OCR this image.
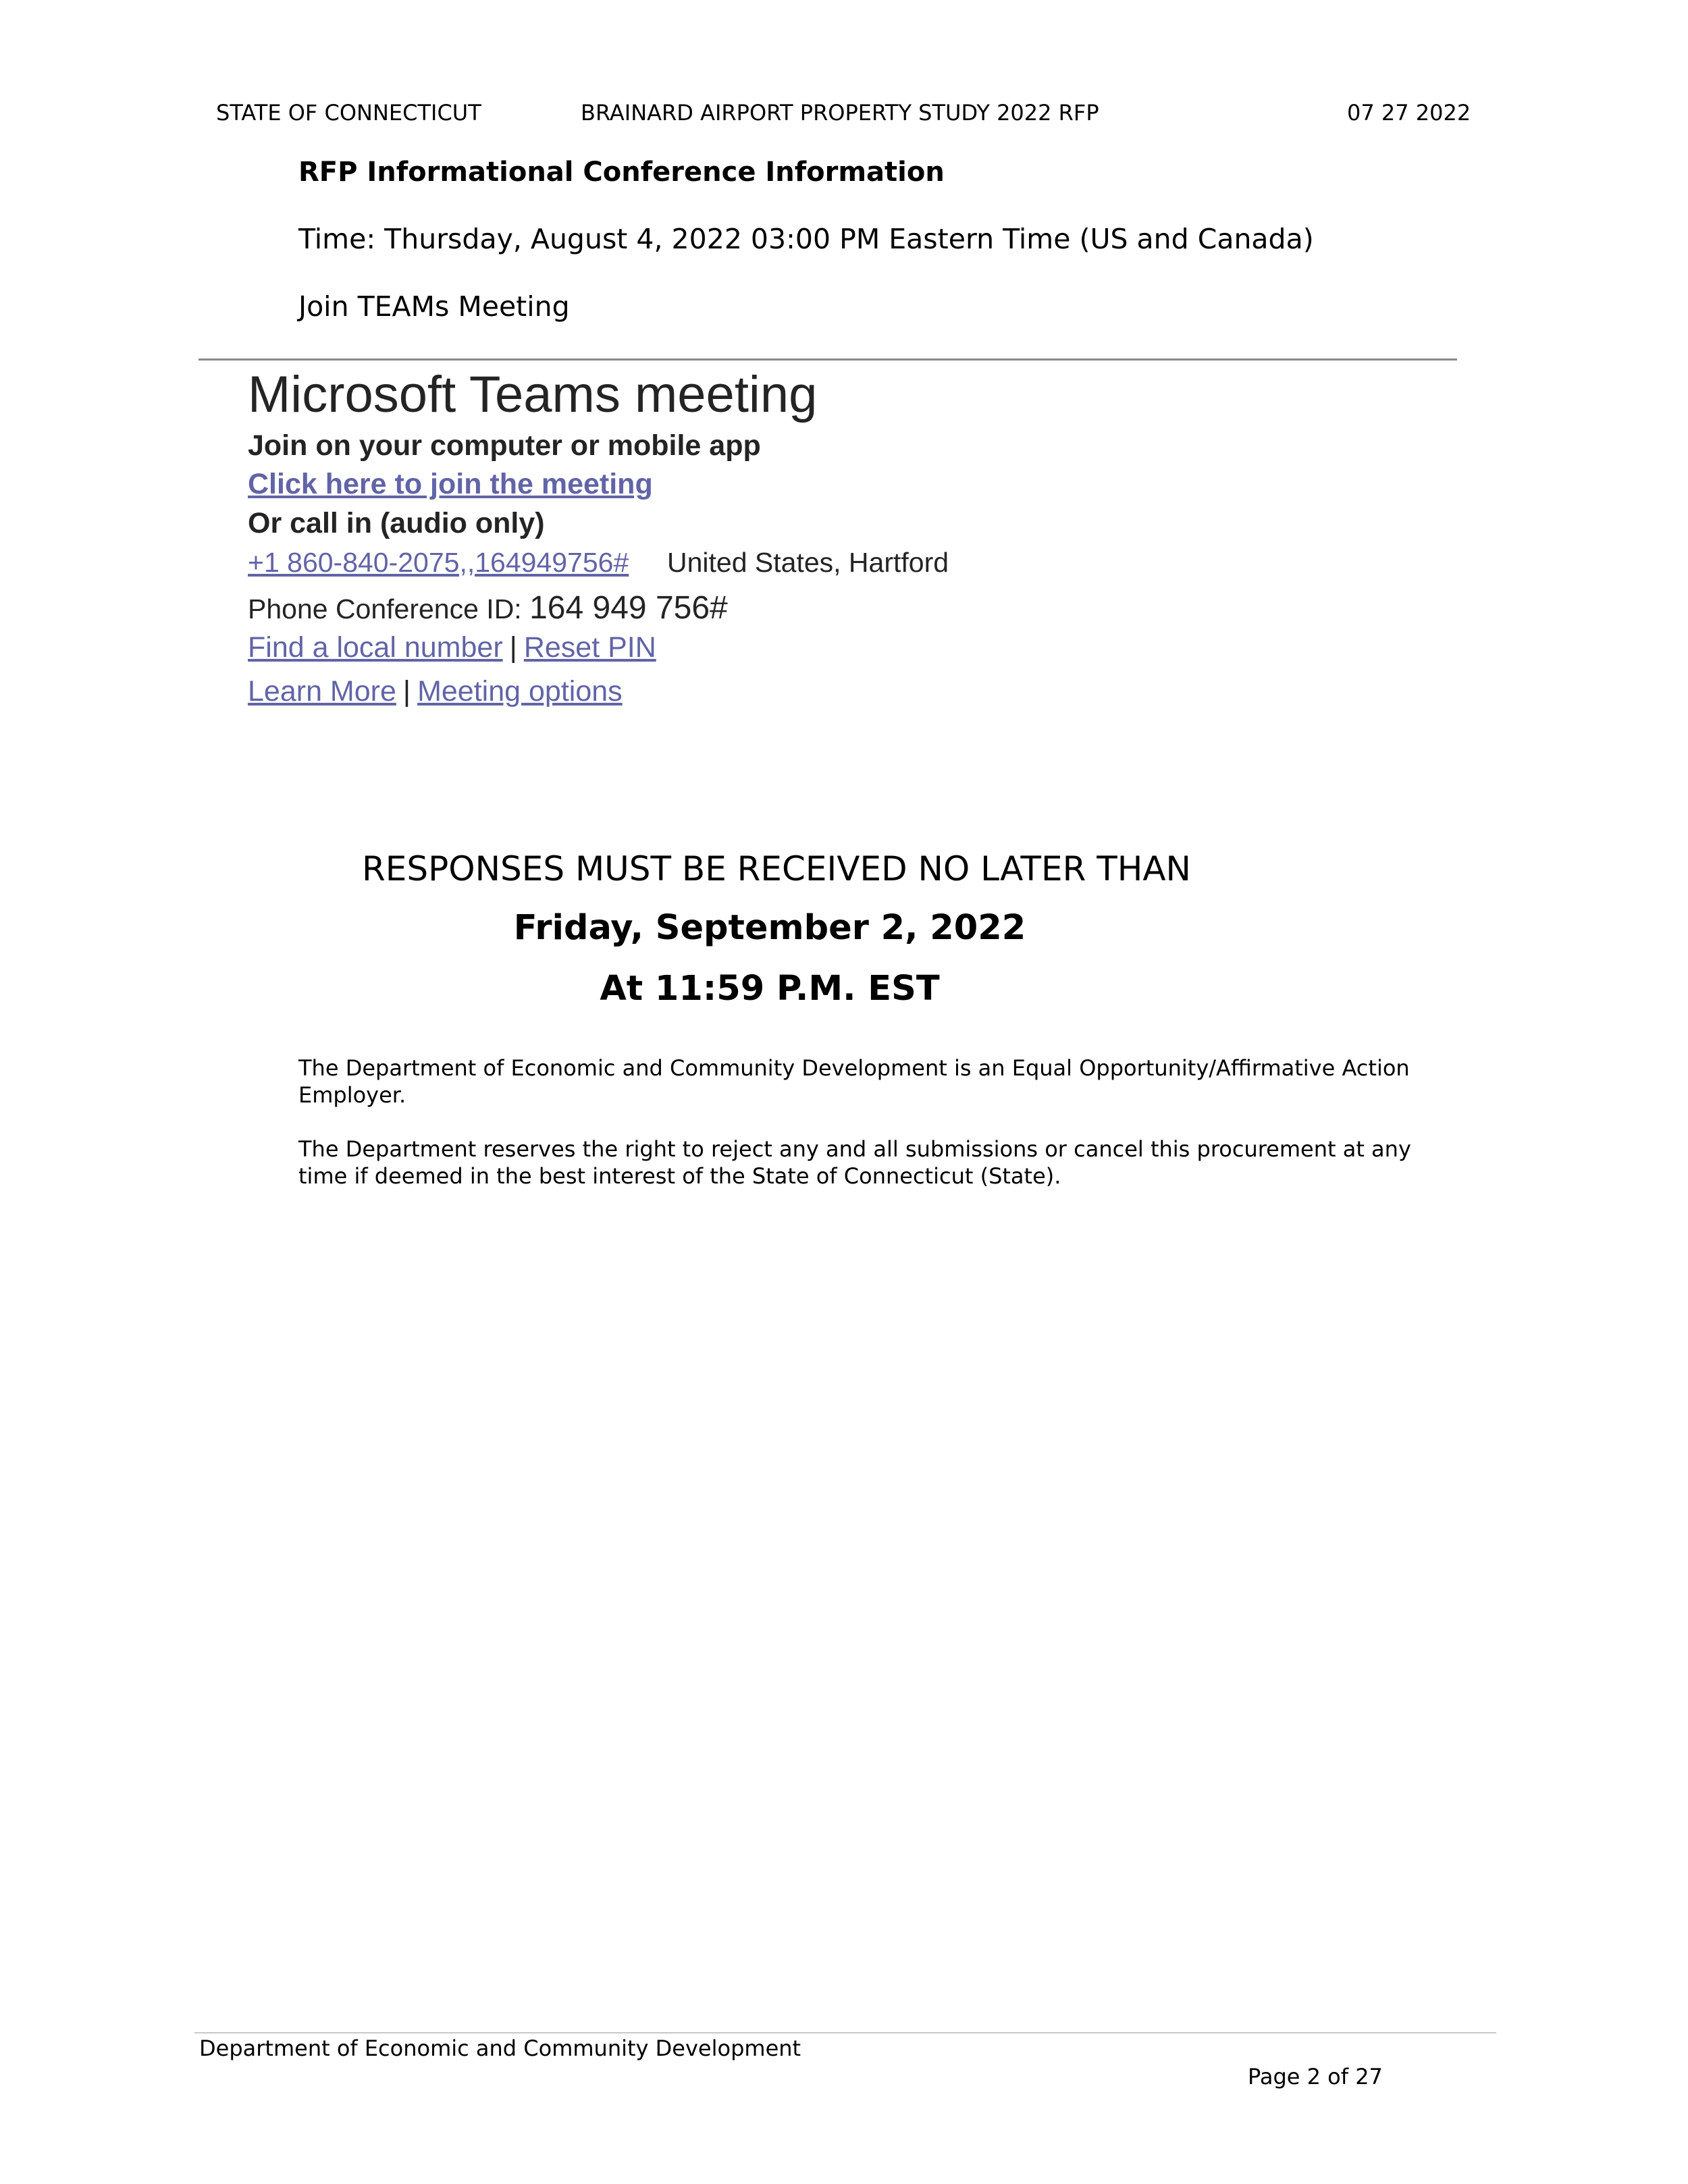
STATE OF CONNECTICUT	BRAINARD AIRPORT PROPERTY STUDY 2022 RFP	07 27 2022
RFP Informational Conference Information
Time: Thursday, August 4, 2022 03:00 PM Eastern Time (US and Canada)
Join TEAMs Meeting
Microsoft Teams meeting
Join on your computer or mobile app
Click here to join the meeting
Or call in (audio only)
+1 860-840-2075,,164949756# United States, Hartford
Phone Conference ID: 164 949 756#
Find a local number | Reset PIN
Learn More | Meeting options
RESPONSES MUST BE RECEIVED NO LATER THAN
Friday, September 2, 2022
At 11:59 P.M. EST
The Department of Economic and Community Development is an Equal Opportunity/Affirmative Action Employer.
The Department reserves the right to reject any and all submissions or cancel this procurement at any time if deemed in the best interest of the State of Connecticut (State).
Department of Economic and Community Development
Page 2 of 27
